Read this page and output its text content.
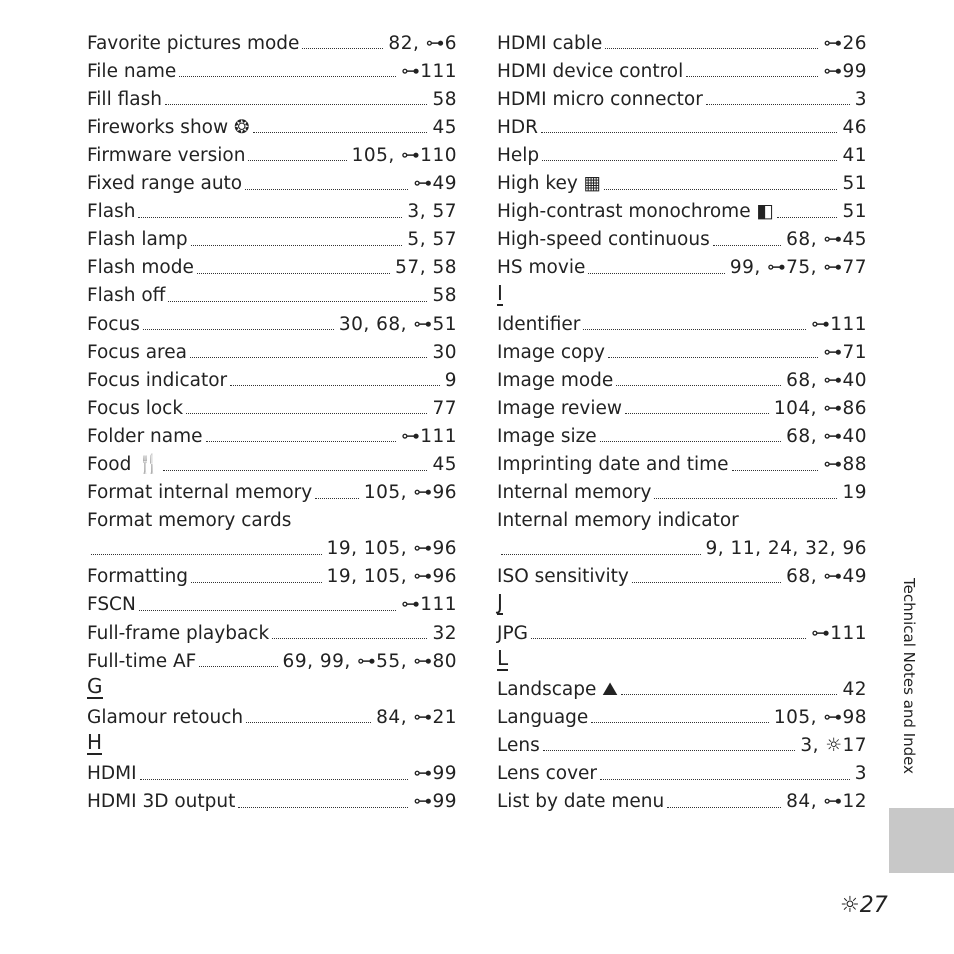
Favorite pictures mode	82, ⊶6
File name	⊶111
Fill flash	58
Fireworks show ❂	45
Firmware version	105, ⊶110
Fixed range auto	⊶49
Flash	3, 57
Flash lamp	5, 57
Flash mode	57, 58
Flash off	58
Focus	30, 68, ⊶51
Focus area	30
Focus indicator	9
Focus lock	77
Folder name	⊶111
Food 🍴	45
Format internal memory	105, ⊶96
Format memory cards
19, 105, ⊶96
Formatting	19, 105, ⊶96
FSCN	⊶111
Full-frame playback	32
Full-time AF	69, 99, ⊶55, ⊶80
G
Glamour retouch	84, ⊶21
H
HDMI	⊶99
HDMI 3D output	⊶99
HDMI cable	⊶26
HDMI device control	⊶99
HDMI micro connector	3
HDR	46
Help	41
High key ▦	51
High-contrast monochrome ◧	51
High-speed continuous	68, ⊶45
HS movie	99, ⊶75, ⊶77
I
Identifier	⊶111
Image copy	⊶71
Image mode	68, ⊶40
Image review	104, ⊶86
Image size	68, ⊶40
Imprinting date and time	⊶88
Internal memory	19
Internal memory indicator
9, 11, 24, 32, 96
ISO sensitivity	68, ⊶49
J
JPG	⊶111
L
Landscape ⛰	42
Language	105, ⊶98
Lens	3, ☼17
Lens cover	3
List by date menu	84, ⊶12
Technical Notes and Index
☼27
